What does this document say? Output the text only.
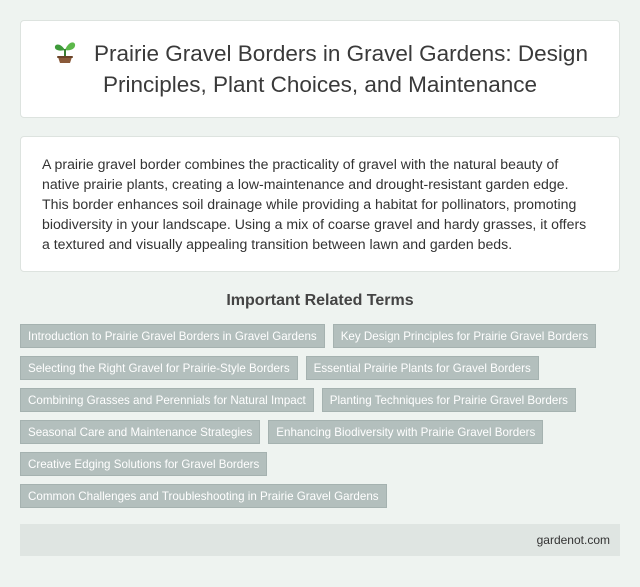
Prairie Gravel Borders in Gravel Gardens: Design Principles, Plant Choices, and Maintenance

A prairie gravel border combines the practicality of gravel with the natural beauty of native prairie plants, creating a low-maintenance and drought-resistant garden edge. This border enhances soil drainage while providing a habitat for pollinators, promoting biodiversity in your landscape. Using a mix of coarse gravel and hardy grasses, it offers a textured and visually appealing transition between lawn and garden beds.

Important Related Terms
Introduction to Prairie Gravel Borders in Gravel Gardens	Key Design Principles for Prairie Gravel Borders
Selecting the Right Gravel for Prairie-Style Borders	Essential Prairie Plants for Gravel Borders
Combining Grasses and Perennials for Natural Impact	Planting Techniques for Prairie Gravel Borders
Seasonal Care and Maintenance Strategies	Enhancing Biodiversity with Prairie Gravel Borders
Creative Edging Solutions for Gravel Borders
Common Challenges and Troubleshooting in Prairie Gravel Gardens
gardenot.com
